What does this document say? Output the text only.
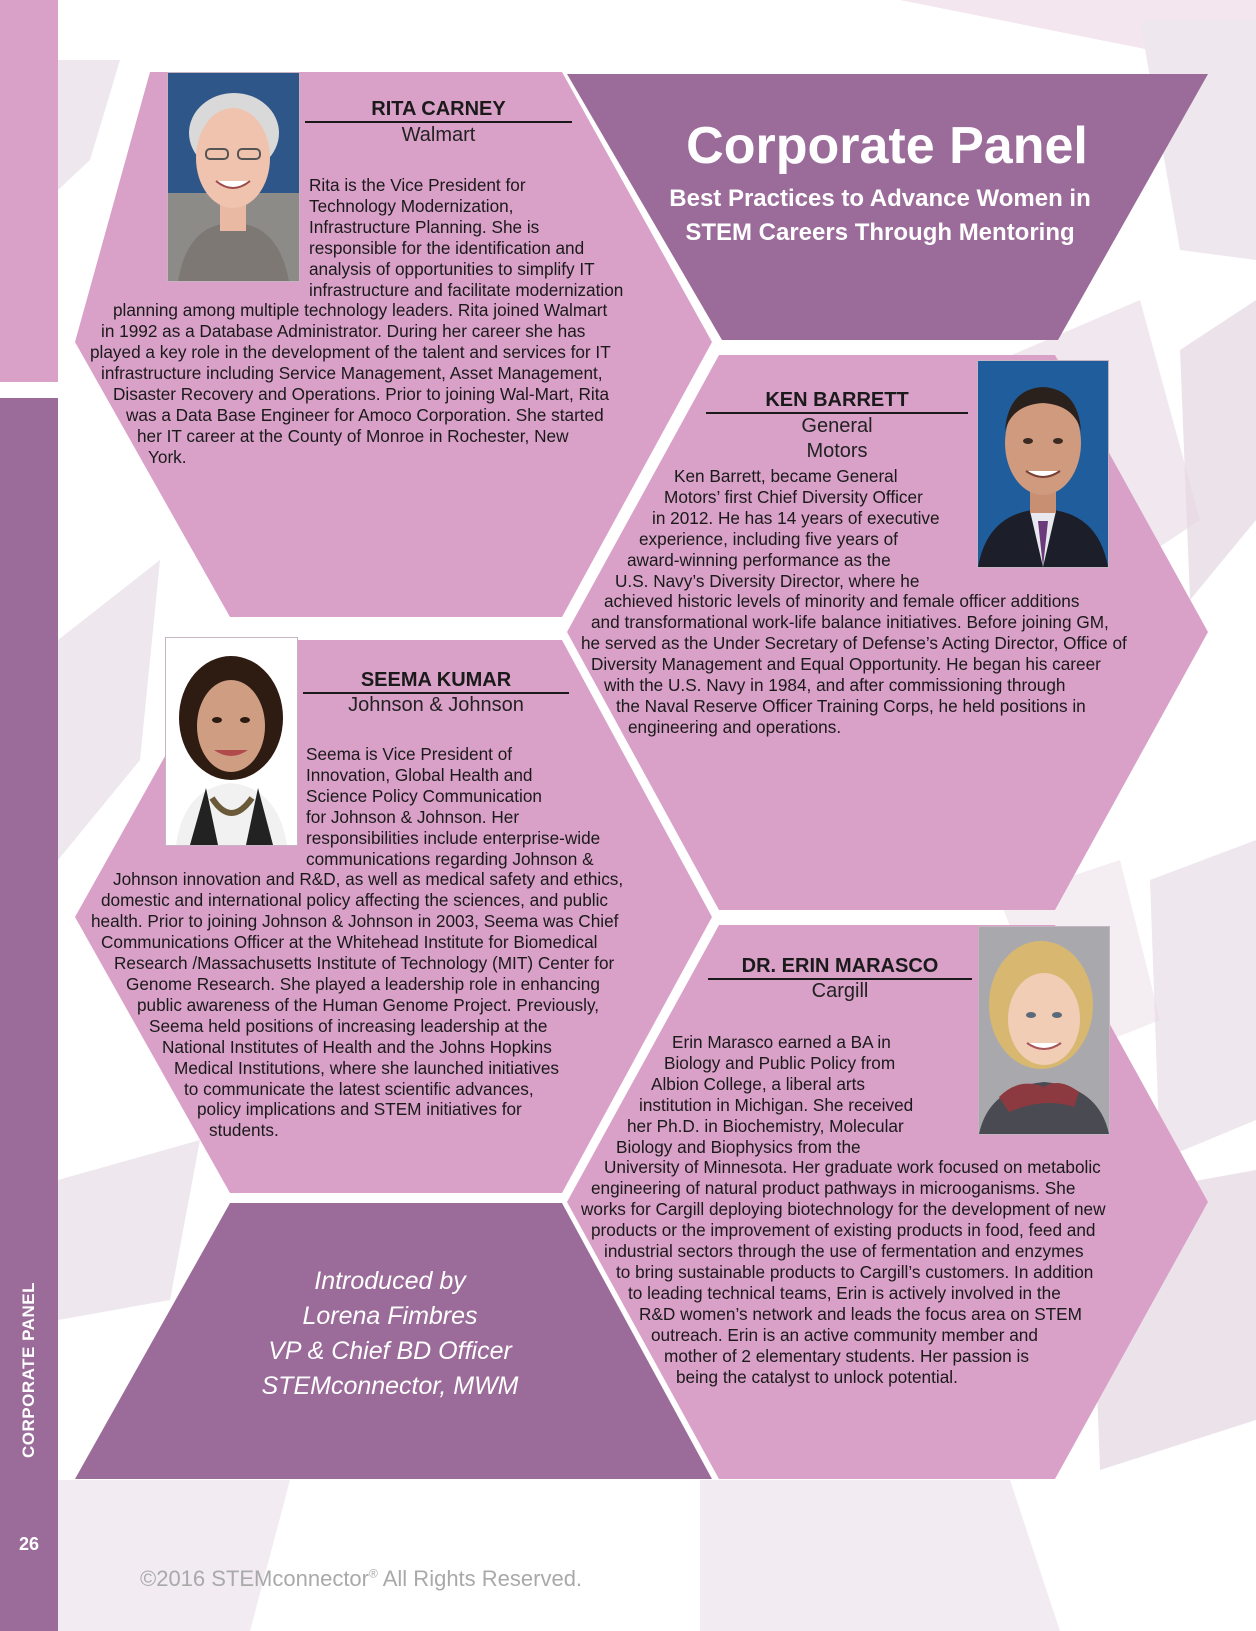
CORPORATE PANEL
26
Corporate Panel
Best Practices to Advance Women in
STEM Careers Through Mentoring
RITA CARNEY
Walmart
Rita is the Vice President for
Technology Modernization,
Infrastructure Planning. She is
responsible for the identification and
analysis of opportunities to simplify IT
infrastructure and facilitate modernization
planning among multiple technology leaders. Rita joined Walmart
in 1992 as a Database Administrator. During her career she has
played a key role in the development of the talent and services for IT
infrastructure including Service Management, Asset Management,
Disaster Recovery and Operations. Prior to joining Wal-Mart, Rita
was a Data Base Engineer for Amoco Corporation. She started
her IT career at the County of Monroe in Rochester, New
York.
KEN BARRETT
General
Motors
Ken Barrett, became General
Motors’ first Chief Diversity Officer
in 2012. He has 14 years of executive
experience, including five years of
award-winning performance as the
U.S. Navy’s Diversity Director, where he
achieved historic levels of minority and female officer additions
and transformational work-life balance initiatives. Before joining GM,
he served as the Under Secretary of Defense’s Acting Director, Office of
Diversity Management and Equal Opportunity. He began his career
with the U.S. Navy in 1984, and after commissioning through
the Naval Reserve Officer Training Corps, he held positions in
engineering and operations.
SEEMA KUMAR
Johnson & Johnson
Seema is Vice President of
Innovation, Global Health and
Science Policy Communication
for Johnson & Johnson. Her
responsibilities include enterprise-wide
communications regarding Johnson &
Johnson innovation and R&D, as well as medical safety and ethics,
domestic and international policy affecting the sciences, and public
health. Prior to joining Johnson & Johnson in 2003, Seema was Chief
Communications Officer at the Whitehead Institute for Biomedical
Research /Massachusetts Institute of Technology (MIT) Center for
Genome Research. She played a leadership role in enhancing
public awareness of the Human Genome Project. Previously,
Seema held positions of increasing leadership at the
National Institutes of Health and the Johns Hopkins
Medical Institutions, where she launched initiatives
to communicate the latest scientific advances,
policy implications and STEM initiatives for
students.
DR. ERIN MARASCO
Cargill
Erin Marasco earned a BA in
Biology and Public Policy from
Albion College, a liberal arts
institution in Michigan. She received
her Ph.D. in Biochemistry, Molecular
Biology and Biophysics from the
University of Minnesota. Her graduate work focused on metabolic
engineering of natural product pathways in microoganisms. She
works for Cargill deploying biotechnology for the development of new
products or the improvement of existing products in food, feed and
industrial sectors through the use of fermentation and enzymes
to bring sustainable products to Cargill’s customers. In addition
to leading technical teams, Erin is actively involved in the
R&D women’s network and leads the focus area on STEM
outreach. Erin is an active community member and
mother of 2 elementary students. Her passion is
being the catalyst to unlock potential.
Introduced by
Lorena Fimbres
VP & Chief BD Officer
STEMconnector, MWM
©2016 STEMconnector® All Rights Reserved.
